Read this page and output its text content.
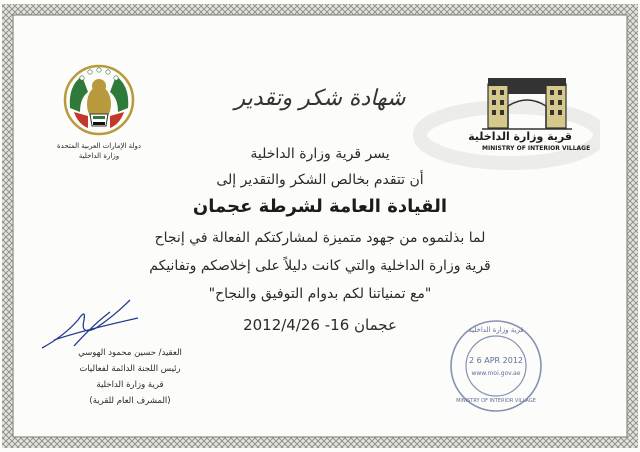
دولة الإمارات العربية المتحدة
وزارة الداخلية
قرية وزارة الداخلية
MINISTRY OF INTERIOR VILLAGE
شهادة شكر وتقدير
يسر قرية وزارة الداخلية
أن تتقدم بخالص الشكر والتقدير إلى
القيادة العامة لشرطة عجمان
لما بذلتموه من جهود متميزة لمشاركتكم الفعالة في إنجاح
قرية وزارة الداخلية والتي كانت دليلاً على إخلاصكم وتفانيكم
"مع تمنياتنا لكم بدوام التوفيق والنجاح"
عجمان 16- 2012/4/26
العقيد/ حسين محمود الهوسي
رئيس اللجنة الدائمة لفعاليات
قرية وزارة الداخلية
(المشرف العام للقرية)
قرية وزارة الداخلية
2 6 APR 2012
www.moi.gov.ae
MINISTRY OF INTERIOR VILLAGE
